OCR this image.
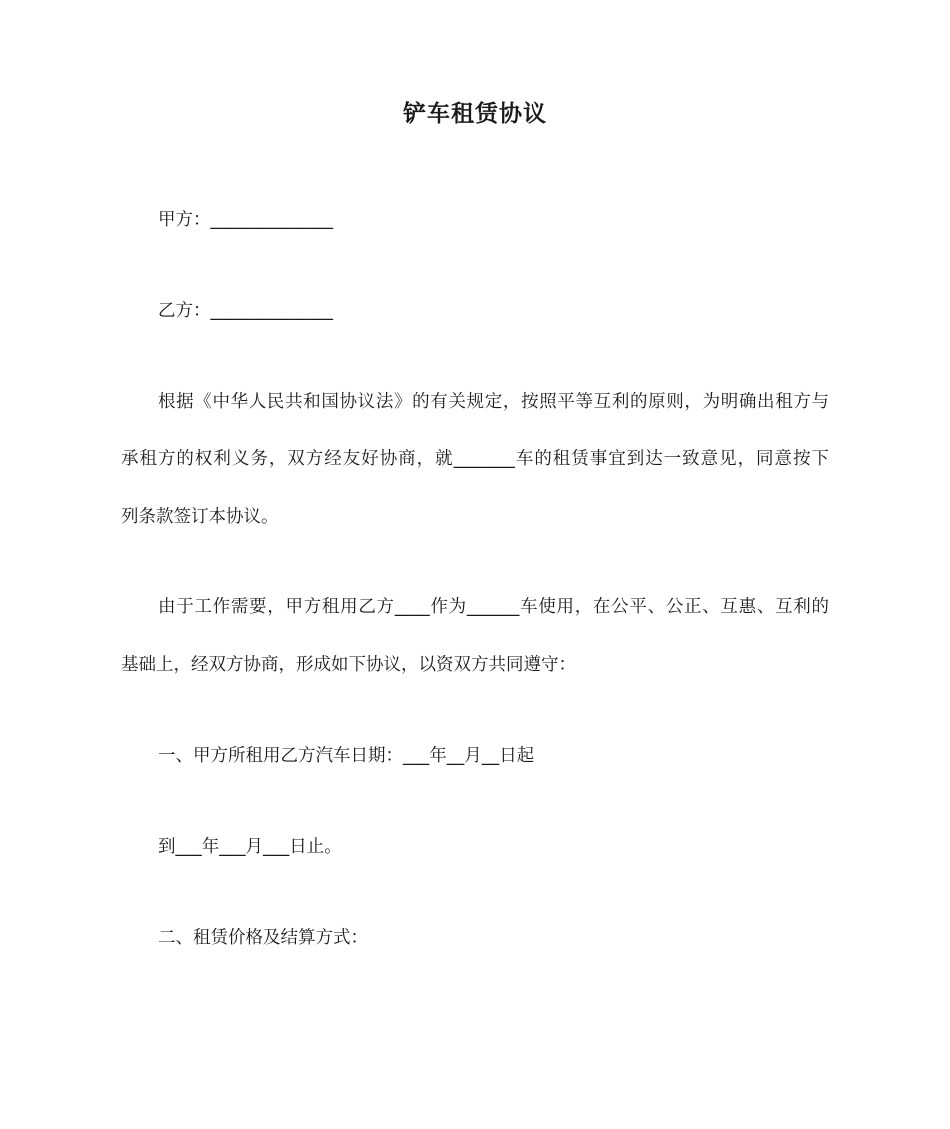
铲车租赁协议
甲方：______________
乙方：______________
根据《中华人民共和国协议法》的有关规定，按照平等互利的原则，为明确出租方与
承租方的权利义务，双方经友好协商，就_______车的租赁事宜到达一致意见，同意按下
列条款签订本协议。
由于工作需要，甲方租用乙方____作为______车使用，在公平、公正、互惠、互利的
基础上，经双方协商，形成如下协议，以资双方共同遵守：
一、甲方所租用乙方汽车日期：___年__月__日起
到___年___月___日止。
二、租赁价格及结算方式：
